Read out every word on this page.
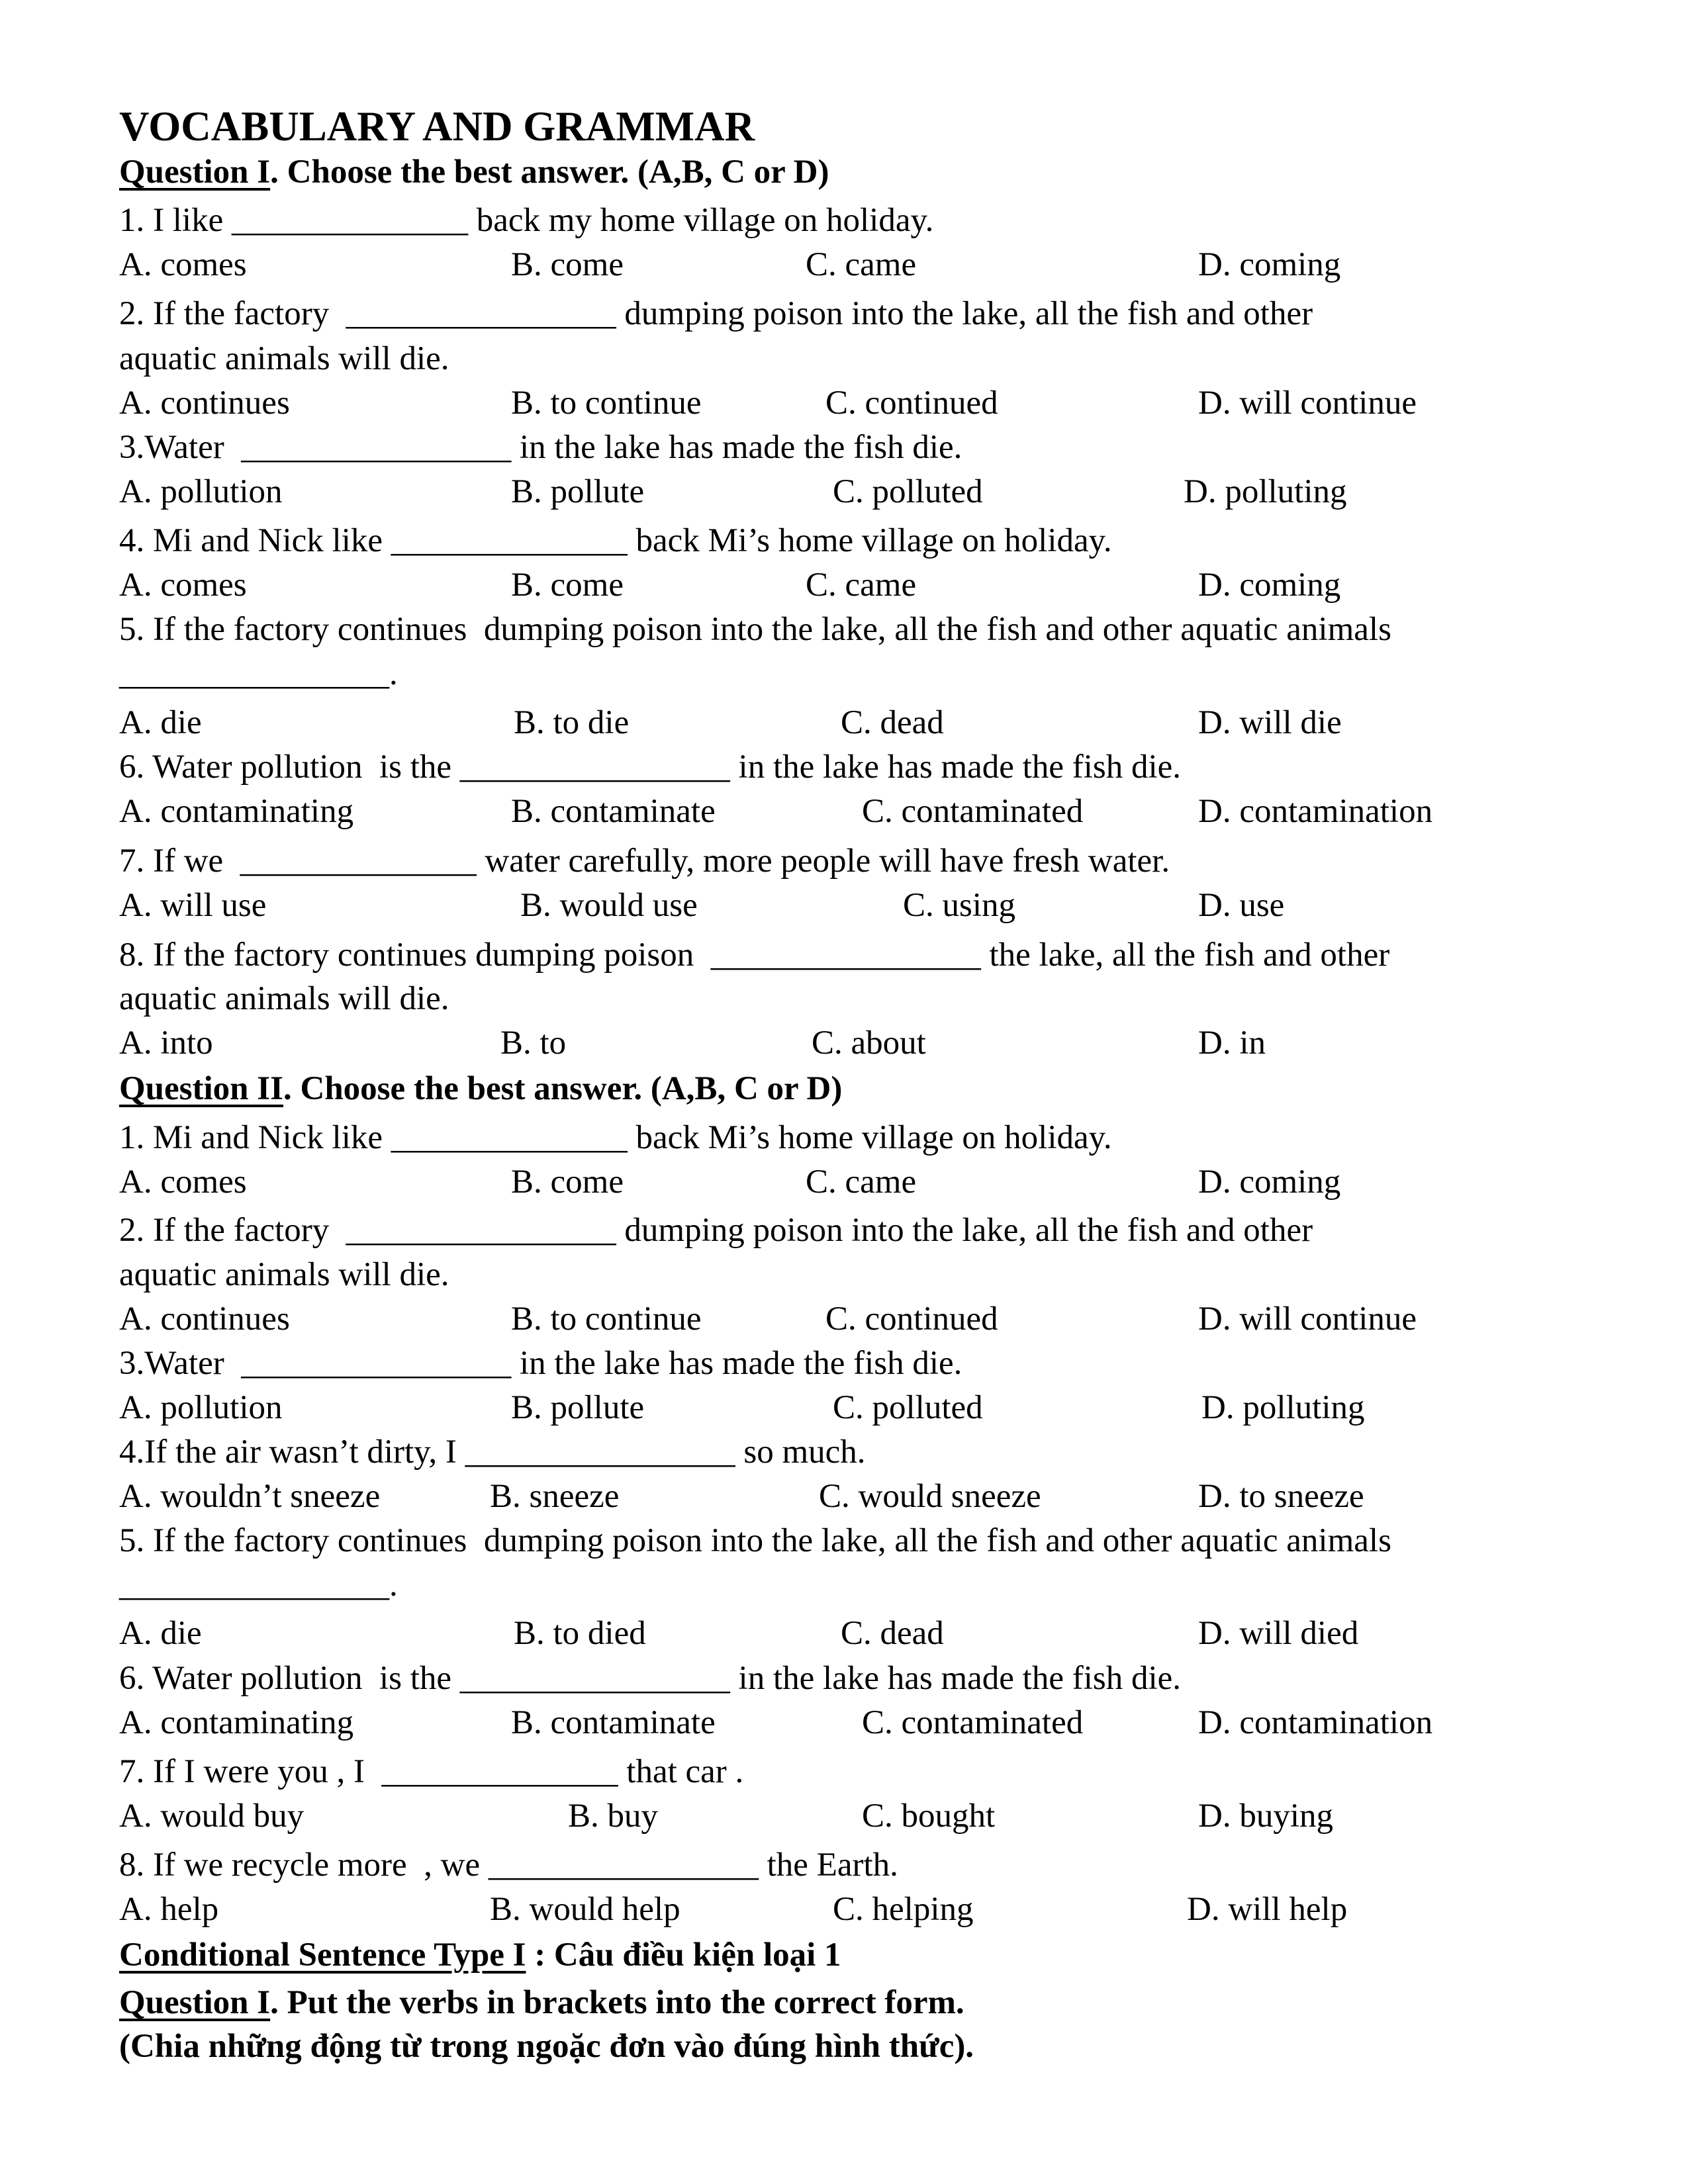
VOCABULARY AND GRAMMAR
Question I. Choose the best answer. (A,B, C or D)
1. I like ______________ back my home village on holiday.
A. comes	B. come	C. came	D. coming
2. If the factory  ________________ dumping poison into the lake, all the fish and other
aquatic animals will die.
A. continues	B. to continue	C. continued	D. will continue
3.Water  ________________ in the lake has made the fish die.
A. pollution	B. pollute	C. polluted	D. polluting
4. Mi and Nick like ______________ back Mi’s home village on holiday.
A. comes	B. come	C. came	D. coming
5. If the factory continues  dumping poison into the lake, all the fish and other aquatic animals
________________.
A. die	B. to die	C. dead	D. will die
6. Water pollution  is the ________________ in the lake has made the fish die.
A. contaminating	B. contaminate	C. contaminated	D. contamination
7. If we  ______________ water carefully, more people will have fresh water.
A. will use	B. would use	C. using	D. use
8. If the factory continues dumping poison  ________________ the lake, all the fish and other
aquatic animals will die.
A. into	B. to	C. about	D. in
Question II. Choose the best answer. (A,B, C or D)
1. Mi and Nick like ______________ back Mi’s home village on holiday.
A. comes	B. come	C. came	D. coming
2. If the factory  ________________ dumping poison into the lake, all the fish and other
aquatic animals will die.
A. continues	B. to continue	C. continued	D. will continue
3.Water  ________________ in the lake has made the fish die.
A. pollution	B. pollute	C. polluted	D. polluting
4.If the air wasn’t dirty, I ________________ so much.
A. wouldn’t sneeze	B. sneeze	C. would sneeze	D. to sneeze
5. If the factory continues  dumping poison into the lake, all the fish and other aquatic animals
________________.
A. die	B. to died	C. dead	D. will died
6. Water pollution  is the ________________ in the lake has made the fish die.
A. contaminating	B. contaminate	C. contaminated	D. contamination
7. If I were you , I  ______________ that car .
A. would buy	B. buy	C. bought	D. buying
8. If we recycle more  , we ________________ the Earth.
A. help	B. would help	C. helping	D. will help
Conditional Sentence Type I : Câu điều kiện loại 1
Question I. Put the verbs in brackets into the correct form.
(Chia những động từ trong ngoặc đơn vào đúng hình thức).
